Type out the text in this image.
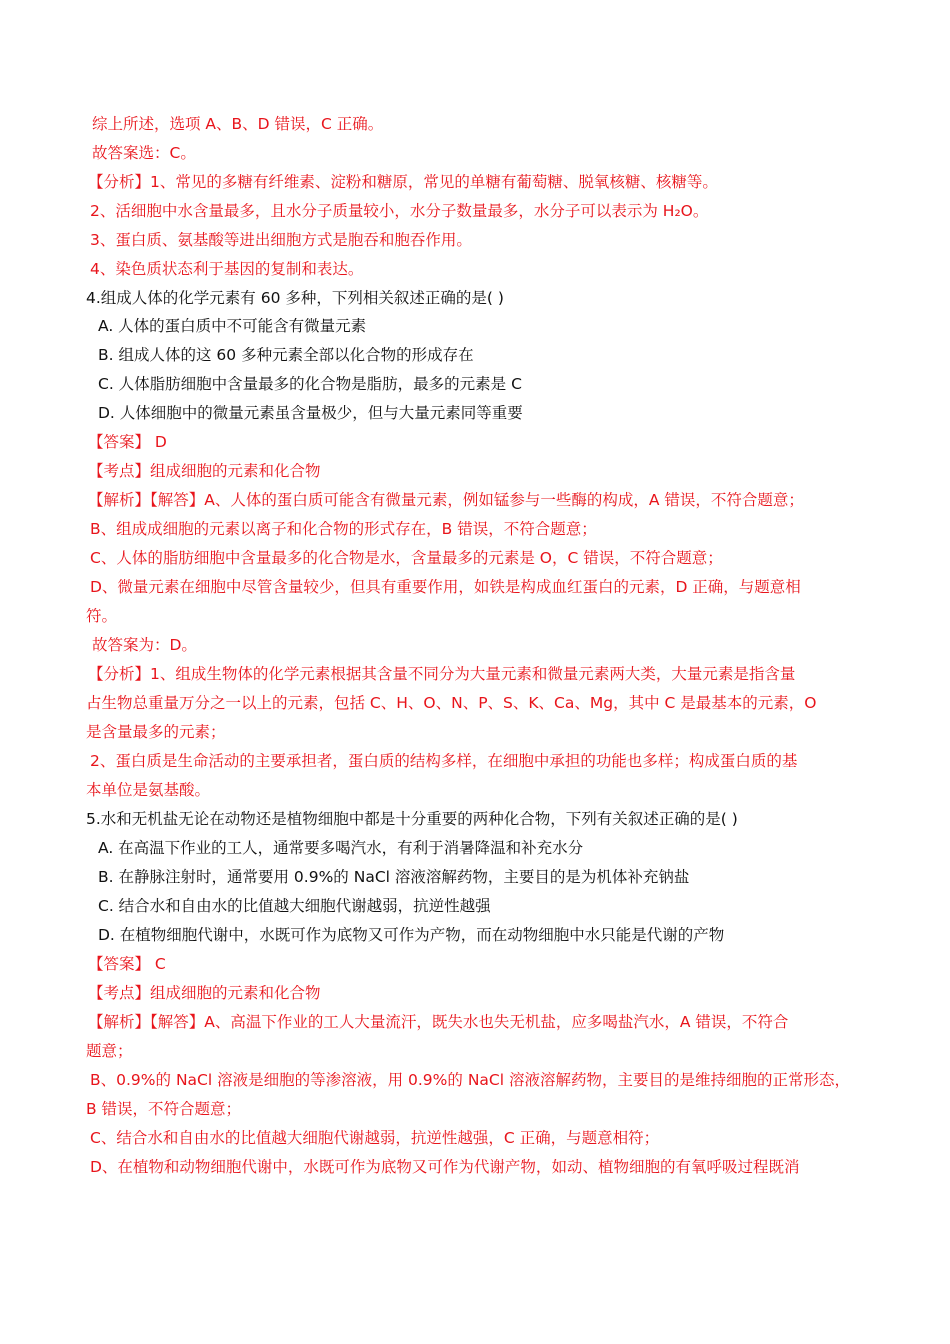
综上所述，选项 A、B、D 错误，C 正确。
故答案选：C。
【分析】1、常见的多糖有纤维素、淀粉和糖原，常见的单糖有葡萄糖、脱氧核糖、核糖等。
2、活细胞中水含量最多，且水分子质量较小，水分子数量最多，水分子可以表示为 H₂O。
3、蛋白质、氨基酸等进出细胞方式是胞吞和胞吞作用。
4、染色质状态利于基因的复制和表达。
4.组成人体的化学元素有 60 多种，下列相关叙述正确的是( )
A. 人体的蛋白质中不可能含有微量元素
B. 组成人体的这 60 多种元素全部以化合物的形成存在
C. 人体脂肪细胞中含量最多的化合物是脂肪，最多的元素是 C
D. 人体细胞中的微量元素虽含量极少，但与大量元素同等重要
【答案】 D
【考点】组成细胞的元素和化合物
【解析】【解答】A、人体的蛋白质可能含有微量元素，例如锰参与一些酶的构成，A 错误，不符合题意；
B、组成成细胞的元素以离子和化合物的形式存在，B 错误，不符合题意；
C、人体的脂肪细胞中含量最多的化合物是水，含量最多的元素是 O，C 错误，不符合题意；
D、微量元素在细胞中尽管含量较少，但具有重要作用，如铁是构成血红蛋白的元素，D 正确，与题意相
符。
故答案为：D。
【分析】1、组成生物体的化学元素根据其含量不同分为大量元素和微量元素两大类，大量元素是指含量
占生物总重量万分之一以上的元素，包括 C、H、O、N、P、S、K、Ca、Mg，其中 C 是最基本的元素，O
是含量最多的元素；
2、蛋白质是生命活动的主要承担者，蛋白质的结构多样，在细胞中承担的功能也多样；构成蛋白质的基
本单位是氨基酸。
5.水和无机盐无论在动物还是植物细胞中都是十分重要的两种化合物，下列有关叙述正确的是( )
A. 在高温下作业的工人，通常要多喝汽水，有利于消暑降温和补充水分
B. 在静脉注射时，通常要用 0.9%的 NaCl 溶液溶解药物，主要目的是为机体补充钠盐
C. 结合水和自由水的比值越大细胞代谢越弱，抗逆性越强
D. 在植物细胞代谢中，水既可作为底物又可作为产物，而在动物细胞中水只能是代谢的产物
【答案】 C
【考点】组成细胞的元素和化合物
【解析】【解答】A、高温下作业的工人大量流汗，既失水也失无机盐，应多喝盐汽水，A 错误，不符合
题意；
B、0.9%的 NaCl 溶液是细胞的等渗溶液，用 0.9%的 NaCl 溶液溶解药物，主要目的是维持细胞的正常形态，
B 错误，不符合题意；
C、结合水和自由水的比值越大细胞代谢越弱，抗逆性越强，C 正确，与题意相符；
D、在植物和动物细胞代谢中，水既可作为底物又可作为代谢产物，如动、植物细胞的有氧呼吸过程既消
